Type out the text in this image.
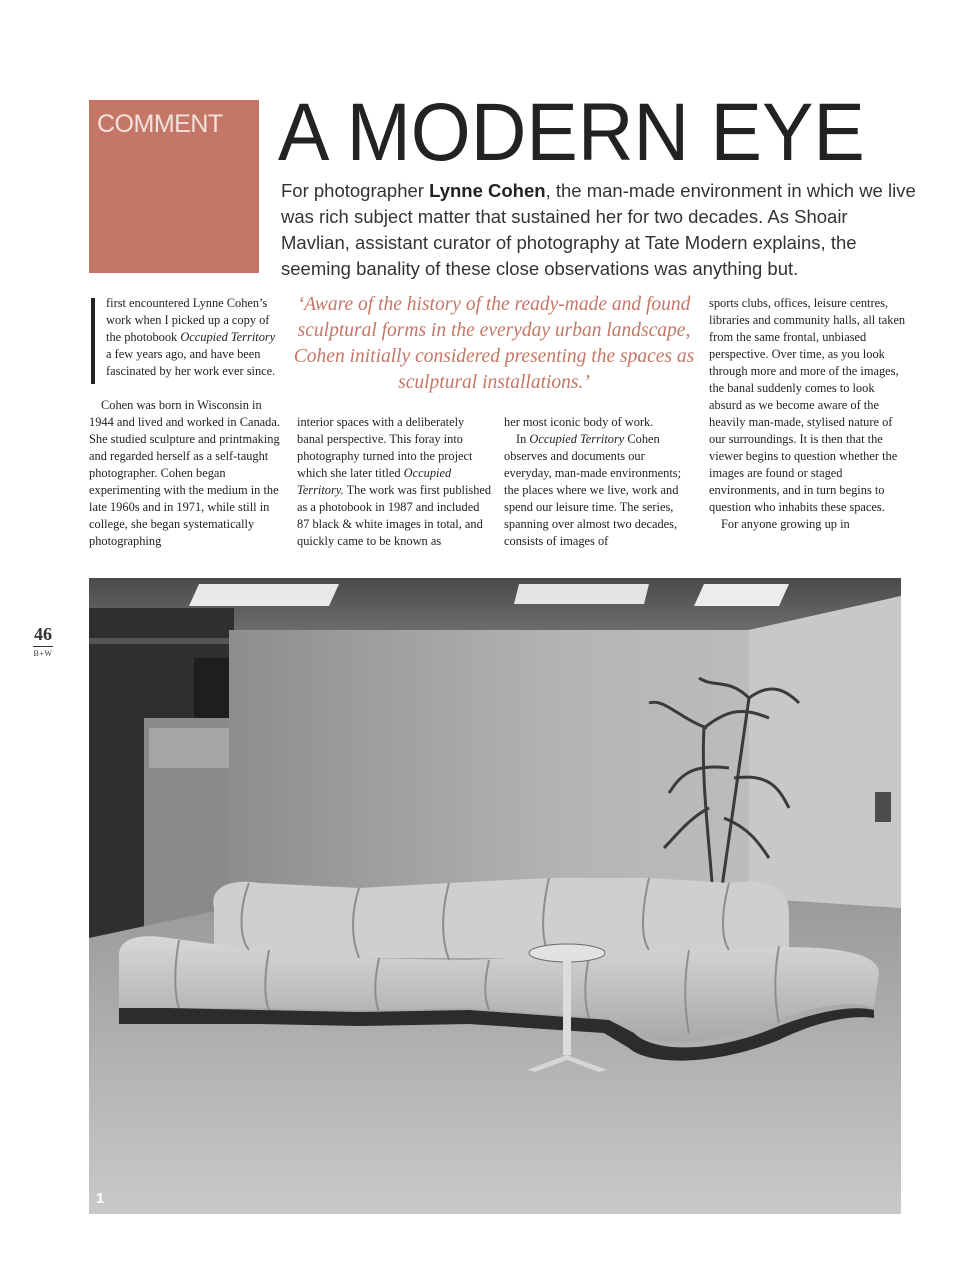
COMMENT A MODERN EYE
For photographer Lynne Cohen, the man-made environment in which we live was rich subject matter that sustained her for two decades. As Shoair Mavlian, assistant curator of photography at Tate Modern explains, the seeming banality of these close observations was anything but.

first encountered Lynne Cohen’s work when I picked up a copy of the photobook Occupied Territory a few years ago, and have been fascinated by her work ever since.

Cohen was born in Wisconsin in 1944 and lived and worked in Canada. She studied sculpture and printmaking and regarded herself as a self-taught photographer. Cohen began experimenting with the medium in the late 1960s and in 1971, while still in college, she began systematically photographing

‘Aware of the history of the ready-made and found sculptural forms in the everyday urban landscape, Cohen initially considered presenting the spaces as sculptural installations.’

interior spaces with a deliberately banal perspective. This foray into photography turned into the project which she later titled Occupied Territory. The work was first published as a photobook in 1987 and included 87 black & white images in total, and quickly came to be known as

her most iconic body of work.

In Occupied Territory Cohen observes and documents our everyday, man-made environments; the places where we live, work and spend our leisure time. The series, spanning over almost two decades, consists of images of

sports clubs, offices, leisure centres, libraries and community halls, all taken from the same frontal, unbiased perspective. Over time, as you look through more and more of the images, the banal suddenly comes to look absurd as we become aware of the heavily man-made, stylised nature of our surroundings. It is then that the viewer begins to question whether the images are found or staged environments, and in turn begins to question who inhabits these spaces.

For anyone growing up in

46
B+W
1
